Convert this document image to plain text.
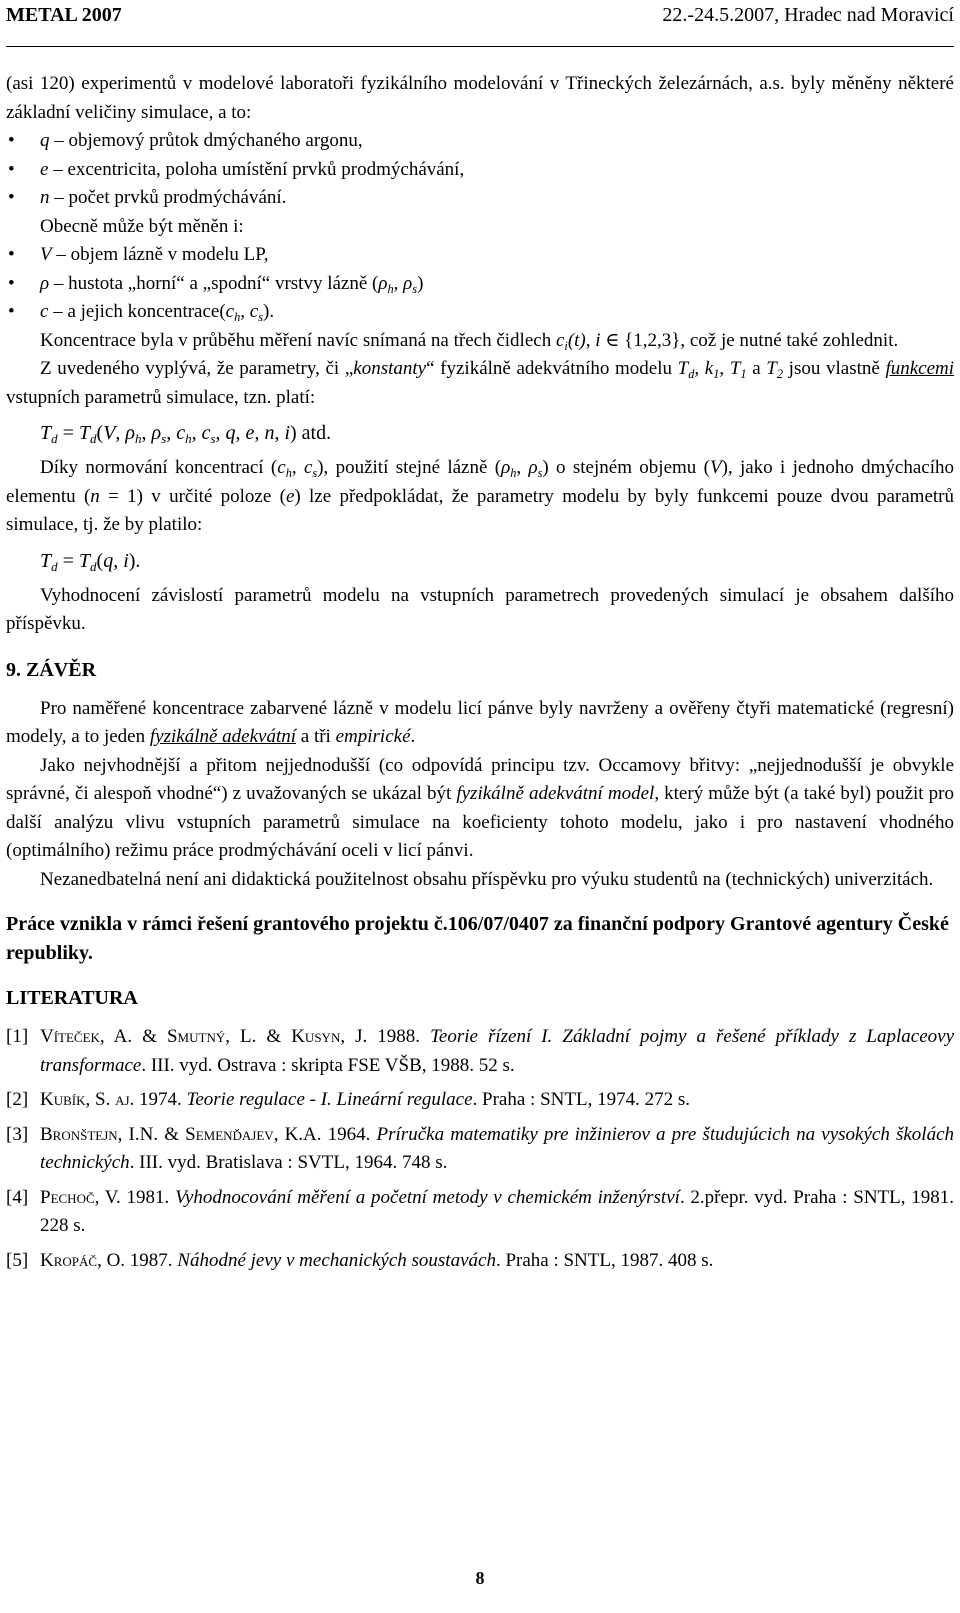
METAL 2007	22.-24.5.2007, Hradec nad Moravicí

(asi 120) experimentů v modelové laboratoři fyzikálního modelování v Třineckých železárnách, a.s. byly měněny některé základní veličiny simulace, a to:

• q – objemový průtok dmýchaného argonu,
• e – excentricita, poloha umístění prvků prodmýchávání,
• n – počet prvků prodmýchávání.

Obecně může být měněn i:

• V – objem lázně v modelu LP,
• ρ – hustota „horní“ a „spodní“ vrstvy lázně ($\rho_h$, $\rho_s$)
• c – a jejich $koncentrace(c_h$, $c_s$).

Koncentrace byla v průběhu měření navíc snímaná na třech čidlech $c_i(t)$, i ∈ {1,2,3}, což je nutné také zohlednit.

Z uvedeného vyplývá, že parametry, či „konstanty“ fyzikálně adekvátního modelu $T_d$, $k_1$, $T_1$ a $T_2$ jsou vlastně funkcemi vstupních parametrů simulace, tzn. platí:

$T_d = T_d(V$, $\rho_h$, $\rho_s$, $c_h$, $c_s$, q, e, n, i) atd.

Díky normování koncentrací ($c_h$, $c_s$), použití stejné lázně ($\rho_h$, $\rho_s$) o stejném objemu (V), jako i jednoho dmýchacího elementu (n = 1) v určité poloze (e) lze předpokládat, že parametry modelu by byly funkcemi pouze dvou parametrů simulace, tj. že by platilo:

$T_d = T_d(q$, i).

Vyhodnocení závislostí parametrů modelu na vstupních parametrech provedených simulací je obsahem dalšího příspěvku.

9. ZÁVĚR

Pro naměřené koncentrace zabarvené lázně v modelu licí pánve byly navrženy a ověřeny čtyři matematické (regresní) modely, a to jeden fyzikálně adekvátní a tři empirické.

Jako nejvhodnější a přitom nejjednodušší (co odpovídá principu tzv. Occamovy břitvy: „nejjednodušší je obvykle správné, či alespoň vhodné“) z uvažovaných se ukázal být fyzikálně adekvátní model, který může být (a také byl) použit pro další analýzu vlivu vstupních parametrů simulace na koeficienty tohoto modelu, jako i pro nastavení vhodného (optimálního) režimu práce prodmýchávání oceli v licí pánvi.

Nezanedbatelná není ani didaktická použitelnost obsahu příspěvku pro výuku studentů na (technických) univerzitách.

Práce vznikla v rámci řešení grantového projektu č.106/07/0407 za finanční podpory Grantové agentury České republiky.

LITERATURA
[1] Víteček, A. & Smutný, L. & Kusyn, J. 1988. Teorie řízení I. Základní pojmy a řešené příklady z Laplaceovy transformace. III. vyd. Ostrava : skripta FSE VŠB, 1988. 52 s.
[2] Kubík, S. aj. 1974. Teorie regulace - I. Lineární regulace. Praha : SNTL, 1974. 272 s.
[3] Bronštejn, I.N. & Semenďajev, K.A. 1964. Príručka matematiky pre inžinierov a pre študujúcich na vysokých školách technických. III. vyd. Bratislava : SVTL, 1964. 748 s.
[4] Pechoč, V. 1981. Vyhodnocování měření a početní metody v chemickém inženýrství. 2.přepr. vyd. Praha : SNTL, 1981. 228 s.
[5] Kropáč, O. 1987. Náhodné jevy v mechanických soustavách. Praha : SNTL, 1987. 408 s.
8
